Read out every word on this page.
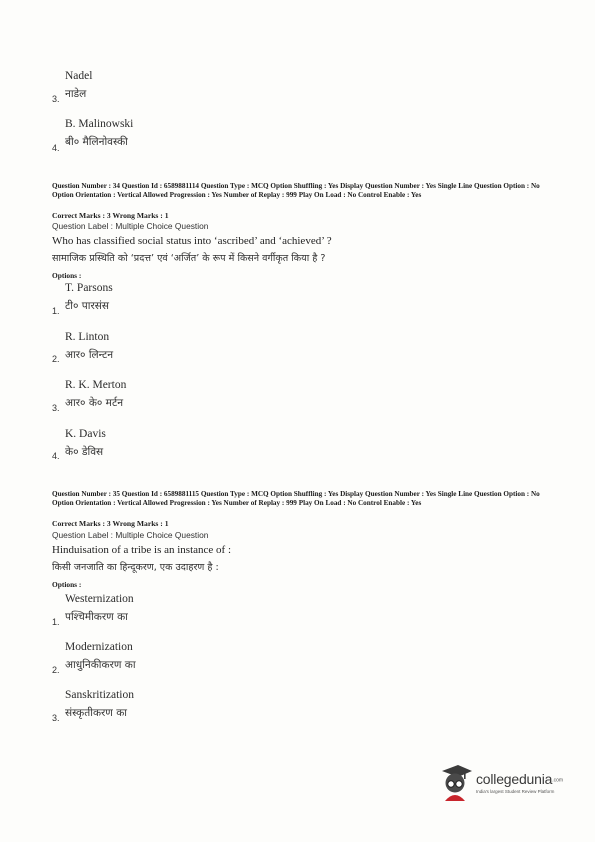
Nadel
3. नाडेल
B. Malinowski
4. बी० मैलिनोवस्की
Question Number : 34 Question Id : 6589881114 Question Type : MCQ Option Shuffling : Yes Display Question Number : Yes Single Line Question Option : No Option Orientation : Vertical Allowed Progression : Yes Number of Replay : 999 Play On Load : No Control Enable : Yes
Correct Marks : 3 Wrong Marks : 1
Question Label : Multiple Choice Question
Who has classified social status into ‘ascribed’ and ‘achieved’ ?
सामाजिक प्रस्थिति को ‘प्रदत्त’ एवं ‘अर्जित’ के रूप में किसने वर्गीकृत किया है ?
Options :
T. Parsons
1. टी० पारसंस
R. Linton
2. आर० लिन्टन
R. K. Merton
3. आर० के० मर्टन
K. Davis
4. के० डेविस
Question Number : 35 Question Id : 6589881115 Question Type : MCQ Option Shuffling : Yes Display Question Number : Yes Single Line Question Option : No Option Orientation : Vertical Allowed Progression : Yes Number of Replay : 999 Play On Load : No Control Enable : Yes
Correct Marks : 3 Wrong Marks : 1
Question Label : Multiple Choice Question
Hinduisation of a tribe is an instance of :
किसी जनजाति का हिन्दूकरण, एक उदाहरण है :
Options :
Westernization
1. पश्चिमीकरण का
Modernization
2. आधुनिकीकरण का
Sanskritization
3. संस्कृतीकरण का
collegedunia.com
India's largest Student Review Platform
